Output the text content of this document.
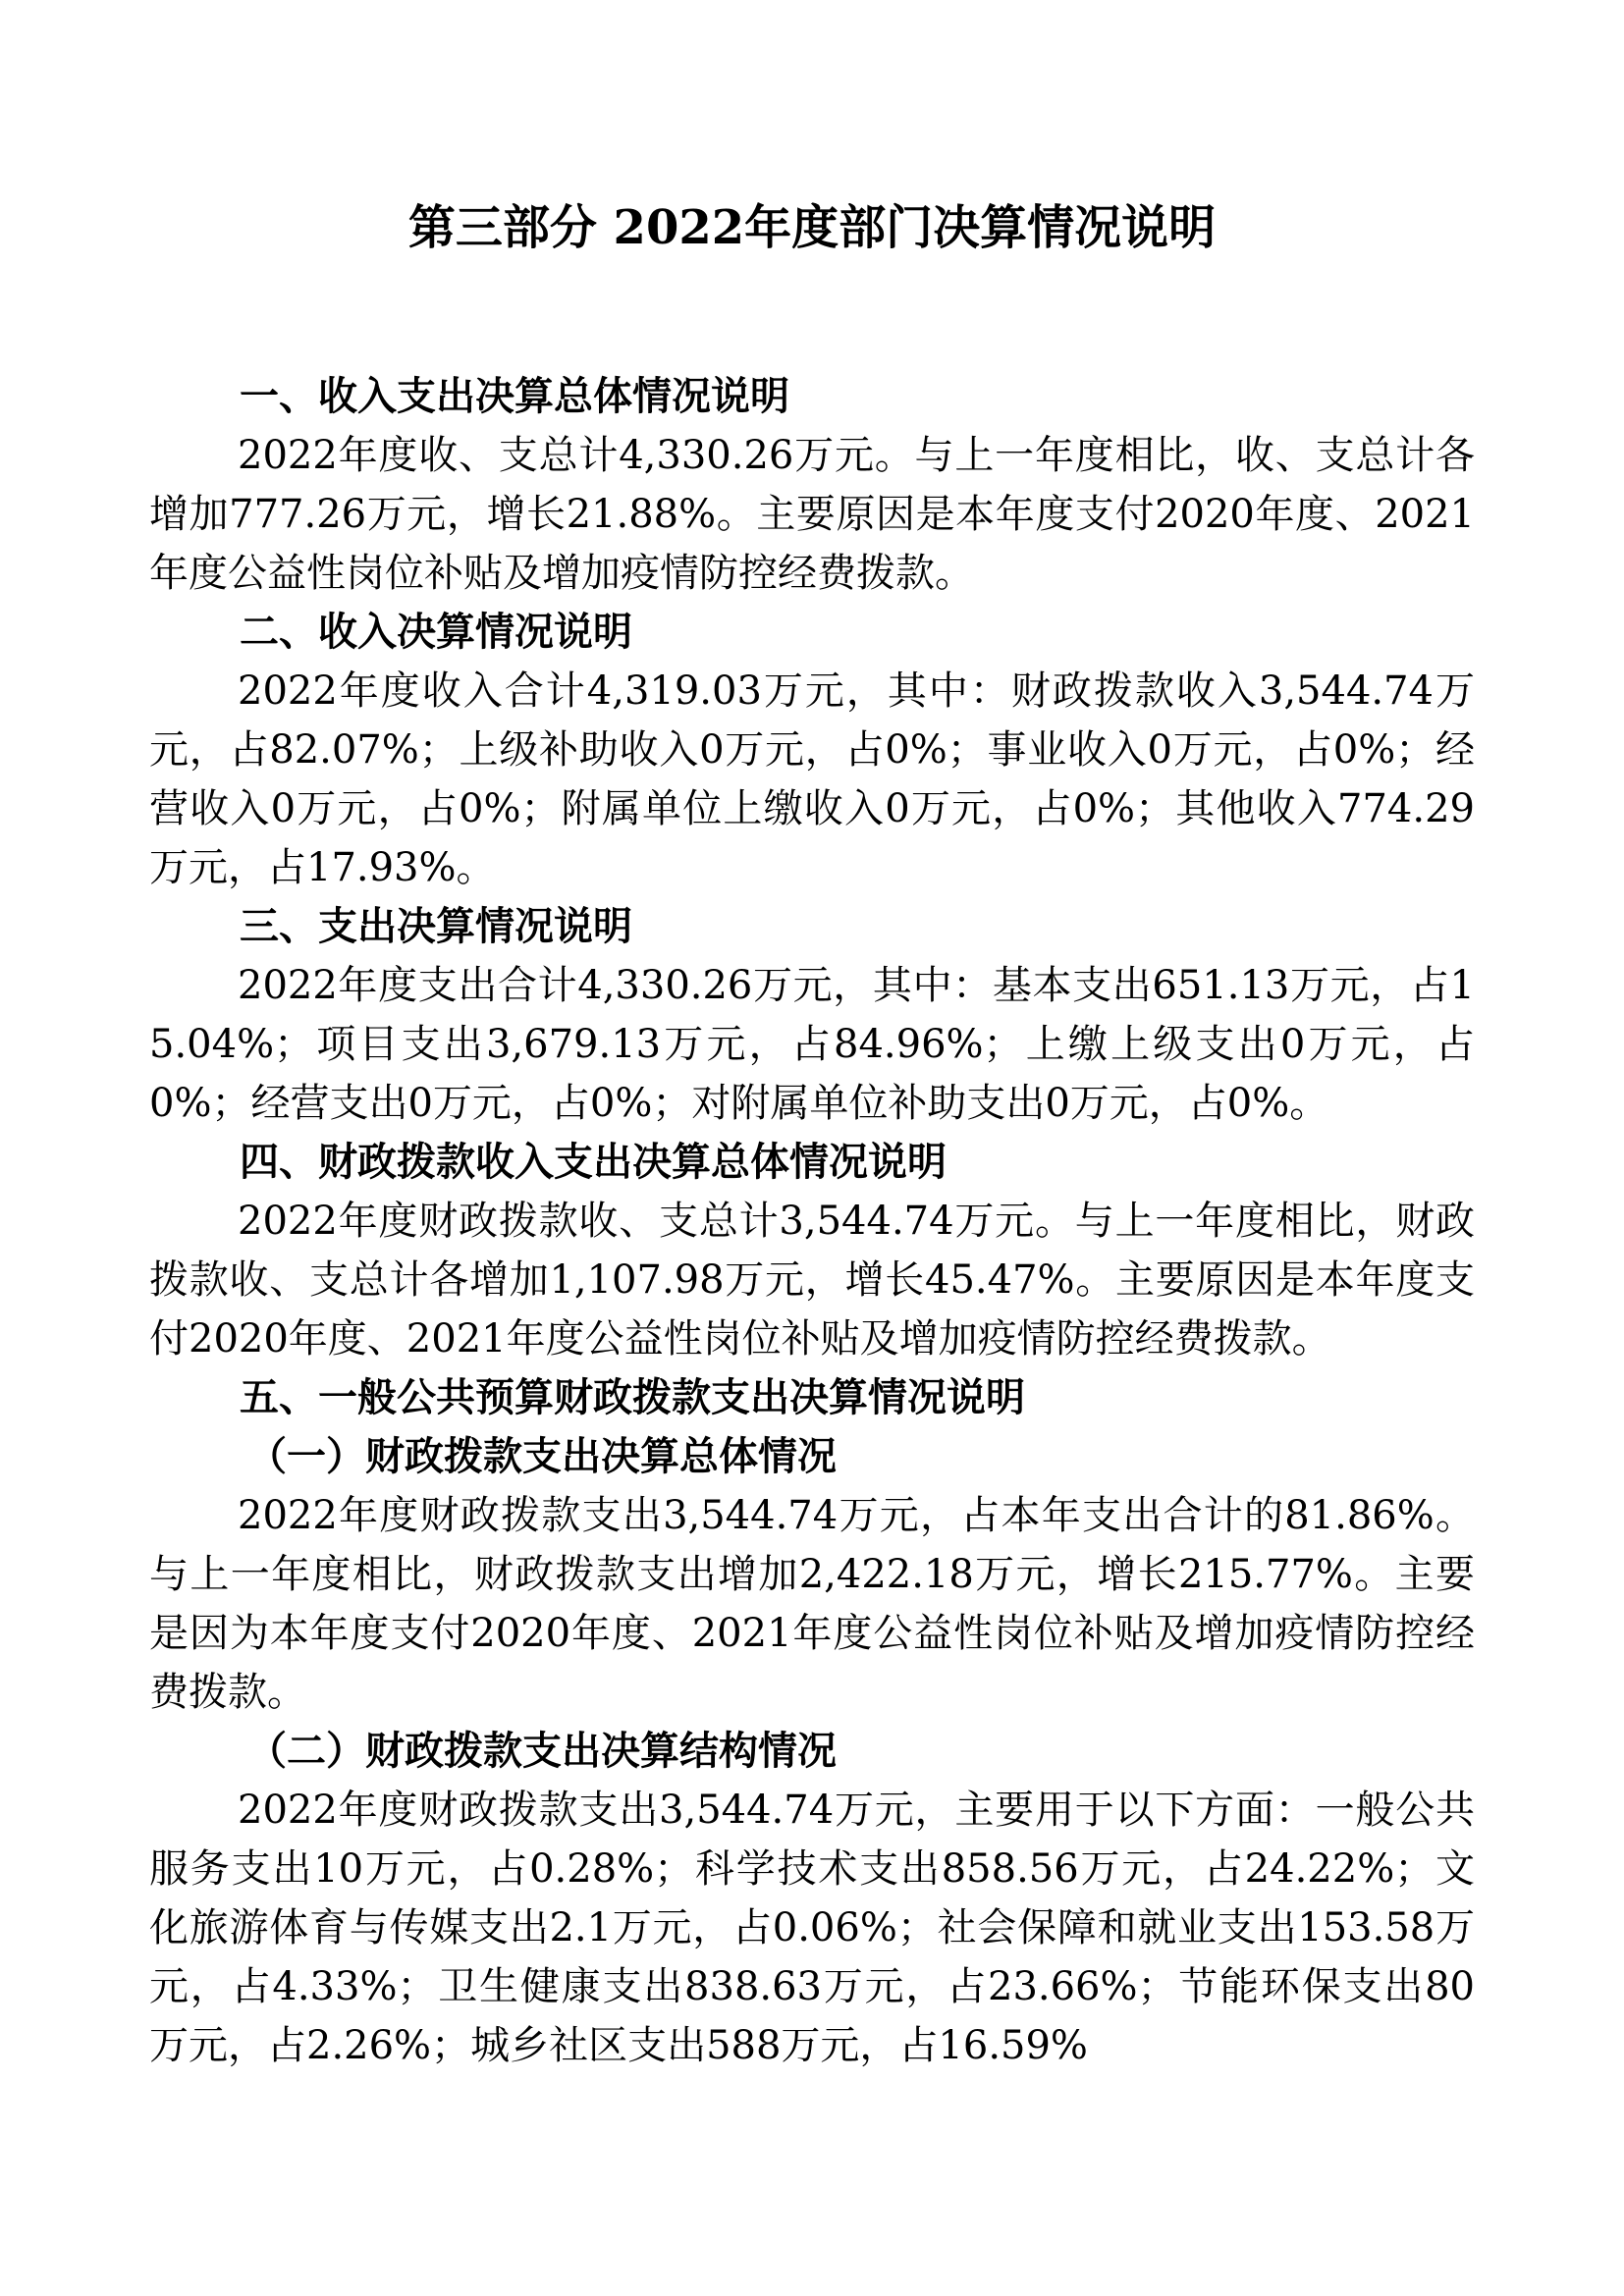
第三部分 2022年度部门决算情况说明

一、收入支出决算总体情况说明

2022年度收、支总计4,330.26万元。与上一年度相比，收、支总计各增加777.26万元，增长21.88%。主要原因是本年度支付2020年度、2021年度公益性岗位补贴及增加疫情防控经费拨款。

二、收入决算情况说明

2022年度收入合计4,319.03万元，其中：财政拨款收入3,544.74万元，占82.07%；上级补助收入0万元，占0%；事业收入0万元，占0%；经营收入0万元，占0%；附属单位上缴收入0万元，占0%；其他收入774.29万元，占17.93%。

三、支出决算情况说明

2022年度支出合计4,330.26万元，其中：基本支出651.13万元，占15.04%；项目支出3,679.13万元，占84.96%；上缴上级支出0万元，占0%；经营支出0万元，占0%；对附属单位补助支出0万元，占0%。

四、财政拨款收入支出决算总体情况说明

2022年度财政拨款收、支总计3,544.74万元。与上一年度相比，财政拨款收、支总计各增加1,107.98万元，增长45.47%。主要原因是本年度支付2020年度、2021年度公益性岗位补贴及增加疫情防控经费拨款。

五、一般公共预算财政拨款支出决算情况说明

（一）财政拨款支出决算总体情况

2022年度财政拨款支出3,544.74万元，占本年支出合计的81.86%。与上一年度相比，财政拨款支出增加2,422.18万元，增长215.77%。主要是因为本年度支付2020年度、2021年度公益性岗位补贴及增加疫情防控经费拨款。

（二）财政拨款支出决算结构情况

2022年度财政拨款支出3,544.74万元，主要用于以下方面：一般公共服务支出10万元，占0.28%；科学技术支出858.56万元，占24.22%；文化旅游体育与传媒支出2.1万元，占0.06%；社会保障和就业支出153.58万元，占4.33%；卫生健康支出838.63万元，占23.66%；节能环保支出80万元，占2.26%；城乡社区支出588万元，占16.59%
